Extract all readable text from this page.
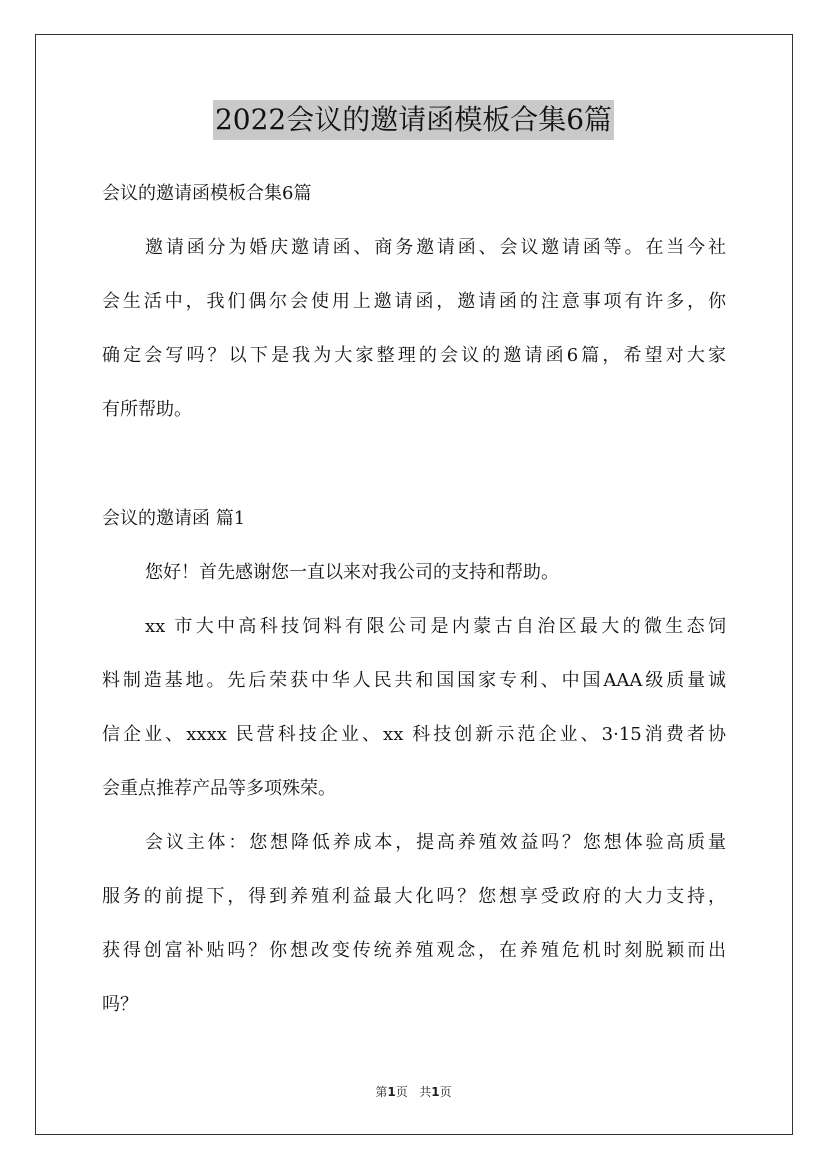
2022会议的邀请函模板合集6篇
会议的邀请函模板合集6篇
邀请函分为婚庆邀请函、商务邀请函、会议邀请函等。在当今社
会生活中，我们偶尔会使用上邀请函，邀请函的注意事项有许多，你
确定会写吗？以下是我为大家整理的会议的邀请函6篇，希望对大家
有所帮助。
会议的邀请函 篇1
您好！首先感谢您一直以来对我公司的支持和帮助。
xx 市大中高科技饲料有限公司是内蒙古自治区最大的微生态饲
料制造基地。先后荣获中华人民共和国国家专利、中国AAA级质量诚
信企业、xxxx 民营科技企业、xx 科技创新示范企业、3·15消费者协
会重点推荐产品等多项殊荣。
会议主体：您想降低养成本，提高养殖效益吗？您想体验高质量
服务的前提下，得到养殖利益最大化吗？您想享受政府的大力支持，
获得创富补贴吗？你想改变传统养殖观念，在养殖危机时刻脱颖而出
吗？
第1页 共1页
